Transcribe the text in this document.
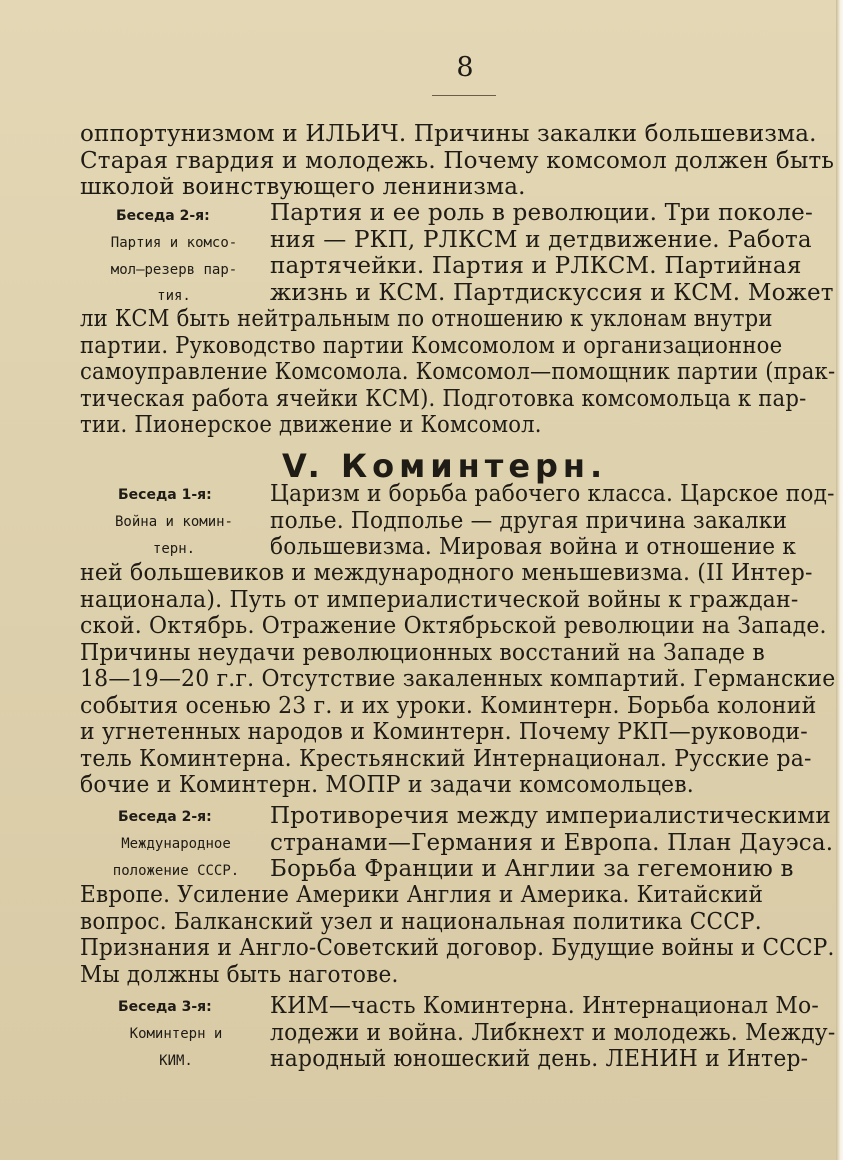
8
оппортунизмом и ИЛЬИЧ. Причины закалки большевизма.
Старая гвардия и молодежь. Почему комсомол должен быть
школой воинствующего ленинизма.
Беседа 2-я:
Партия и комсо-
мол—резерв пар-
тия.
Партия и ее роль в революции. Три поколе-
ния — РКП, РЛКСМ и детдвижение. Работа
партячейки. Партия и РЛКСМ. Партийная
жизнь и КСМ. Партдискуссия и КСМ. Может
ли КСМ быть нейтральным по отношению к уклонам внутри
партии. Руководство партии Комсомолом и организационное
самоуправление Комсомола. Комсомол—помощник партии (прак-
тическая работа ячейки КСМ). Подготовка комсомольца к пар-
тии. Пионерское движение и Комсомол.
V. Коминтерн.
Беседа 1-я:
Война и комин-
терн.
Царизм и борьба рабочего класса. Царское под-
полье. Подполье — другая причина закалки
большевизма. Мировая война и отношение к
ней большевиков и международного меньшевизма. (II Интер-
национала). Путь от империалистической войны к граждан-
ской. Октябрь. Отражение Октябрьской революции на Западе.
Причины неудачи революционных восстаний на Западе в
18—19—20 г.г. Отсутствие закаленных компартий. Германские
события осенью 23 г. и их уроки. Коминтерн. Борьба колоний
и угнетенных народов и Коминтерн. Почему РКП—руководи-
тель Коминтерна. Крестьянский Интернационал. Русские ра-
бочие и Коминтерн. МОПР и задачи комсомольцев.
Беседа 2-я:
Международное
положение СССР.
Противоречия между империалистическими
странами—Германия и Европа. План Дауэса.
Борьба Франции и Англии за гегемонию в
Европе. Усиление Америки Англия и Америка. Китайский
вопрос. Балканский узел и национальная политика СССР.
Признания и Англо-Советский договор. Будущие войны и СССР.
Мы должны быть наготове.
Беседа 3-я:
Коминтерн и
КИМ.
КИМ—часть Коминтерна. Интернационал Мо-
лодежи и война. Либкнехт и молодежь. Между-
народный юношеский день. ЛЕНИН и Интер-
